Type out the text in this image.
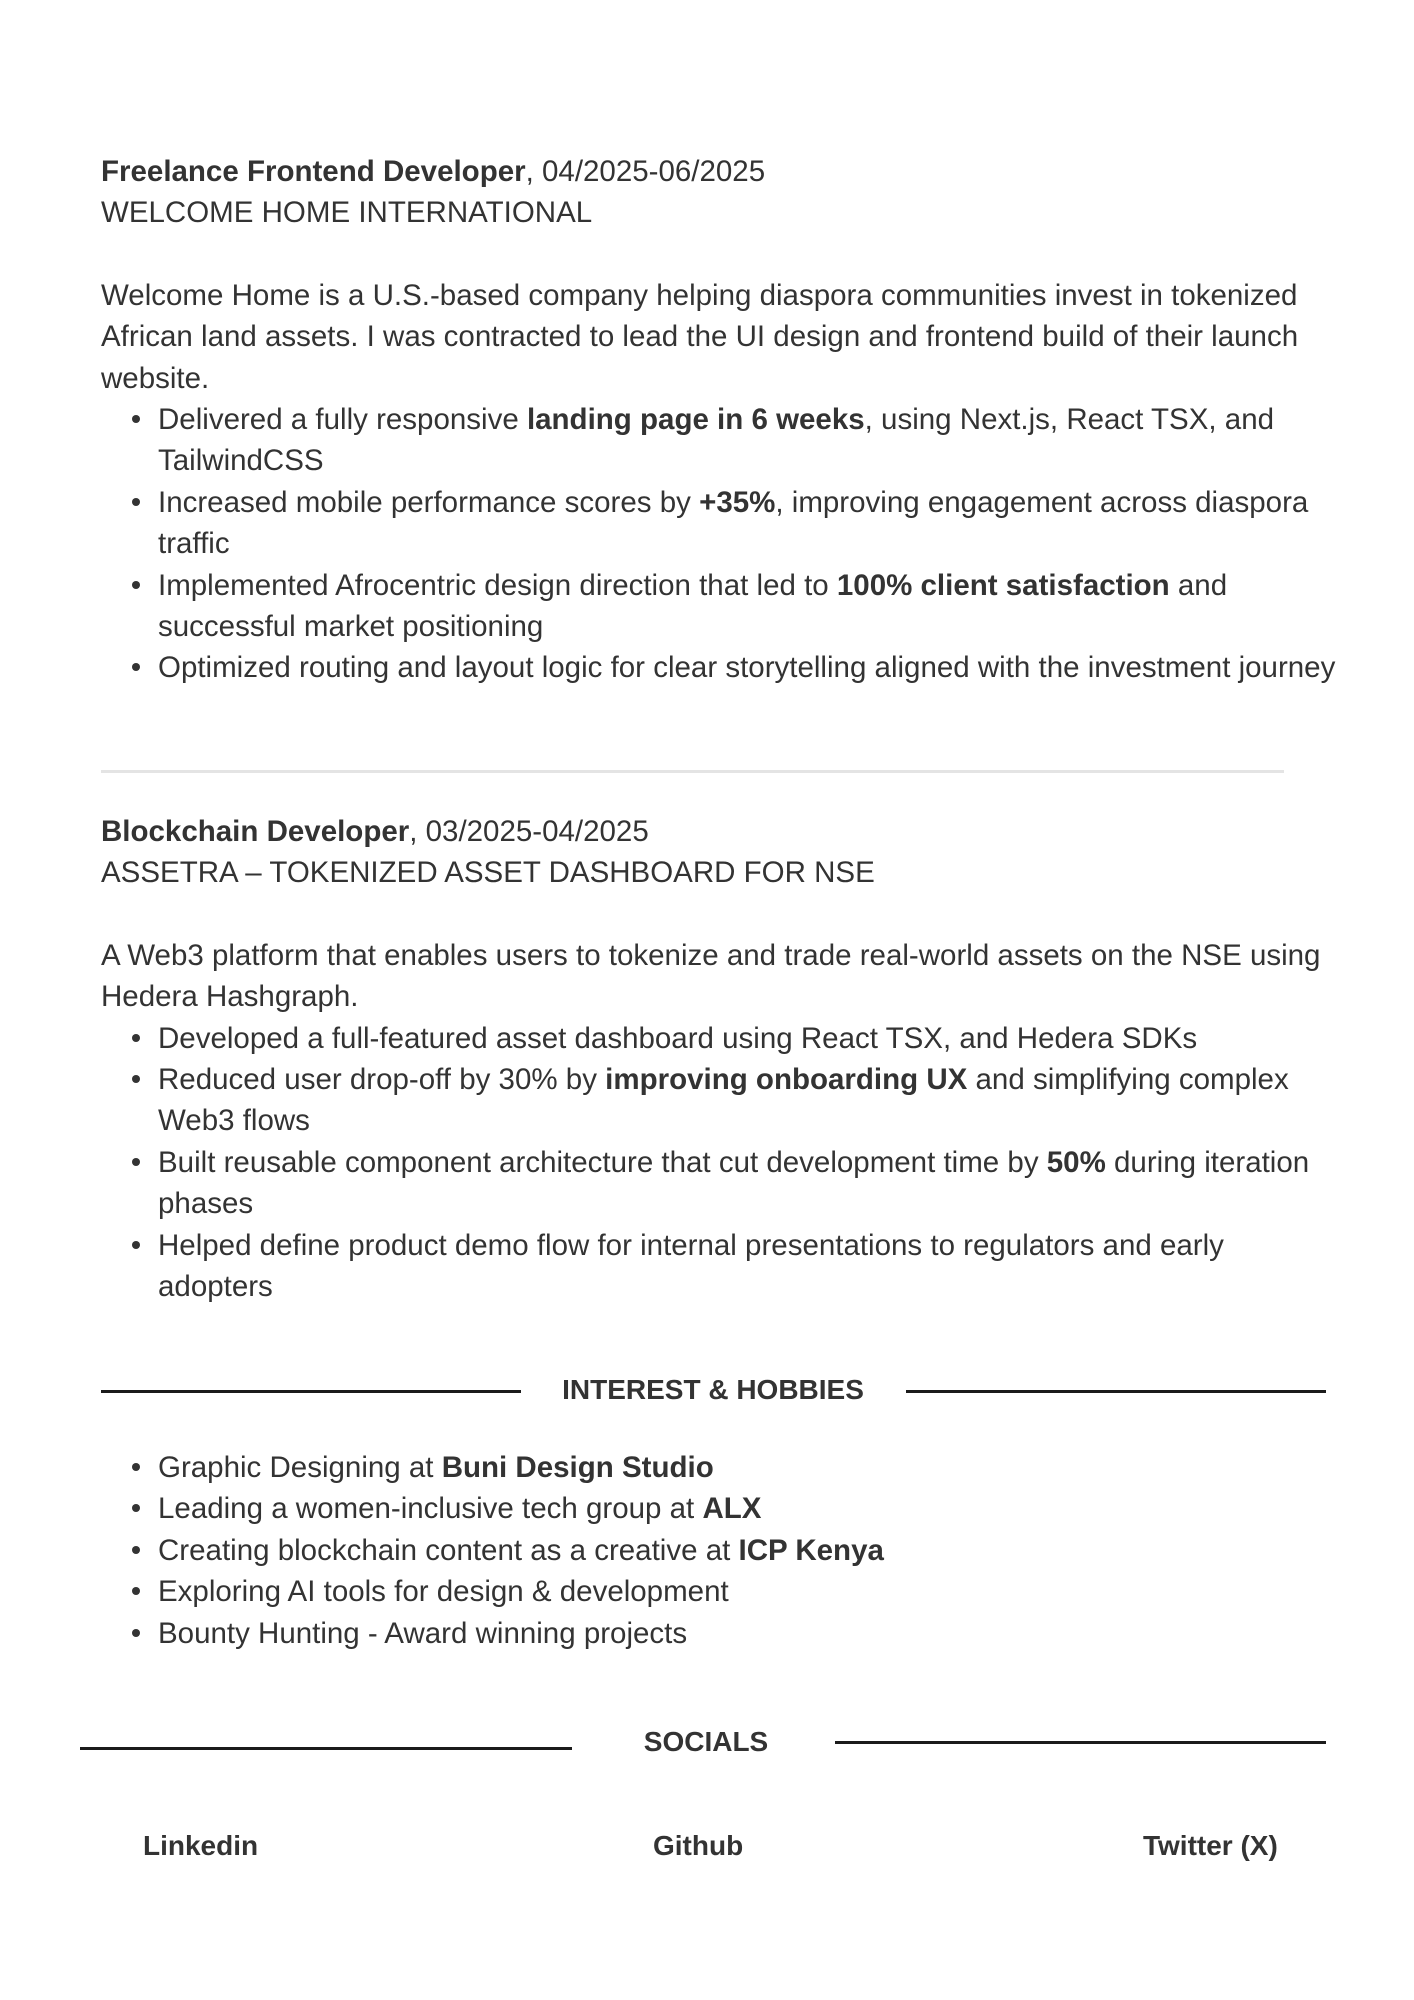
Freelance Frontend Developer, 04/2025-06/2025

WELCOME HOME INTERNATIONAL

Welcome Home is a U.S.-based company helping diaspora communities invest in tokenized African land assets. I was contracted to lead the UI design and frontend build of their launch website.

Delivered a fully responsive landing page in 6 weeks, using Next.js, React TSX, and TailwindCSS
Increased mobile performance scores by +35%, improving engagement across diaspora traffic
Implemented Afrocentric design direction that led to 100% client satisfaction and successful market positioning
Optimized routing and layout logic for clear storytelling aligned with the investment journey

Blockchain Developer, 03/2025-04/2025

ASSETRA – TOKENIZED ASSET DASHBOARD FOR NSE

A Web3 platform that enables users to tokenize and trade real-world assets on the NSE using Hedera Hashgraph.

Developed a full-featured asset dashboard using React TSX, and Hedera SDKs
Reduced user drop-off by 30% by improving onboarding UX and simplifying complex Web3 flows
Built reusable component architecture that cut development time by 50% during iteration phases
Helped define product demo flow for internal presentations to regulators and early adopters
INTEREST & HOBBIES
Graphic Designing at Buni Design Studio
Leading a women-inclusive tech group at ALX
Creating blockchain content as a creative at ICP Kenya
Exploring AI tools for design & development
Bounty Hunting - Award winning projects
SOCIALS
Linkedin	Github	Twitter (X)
